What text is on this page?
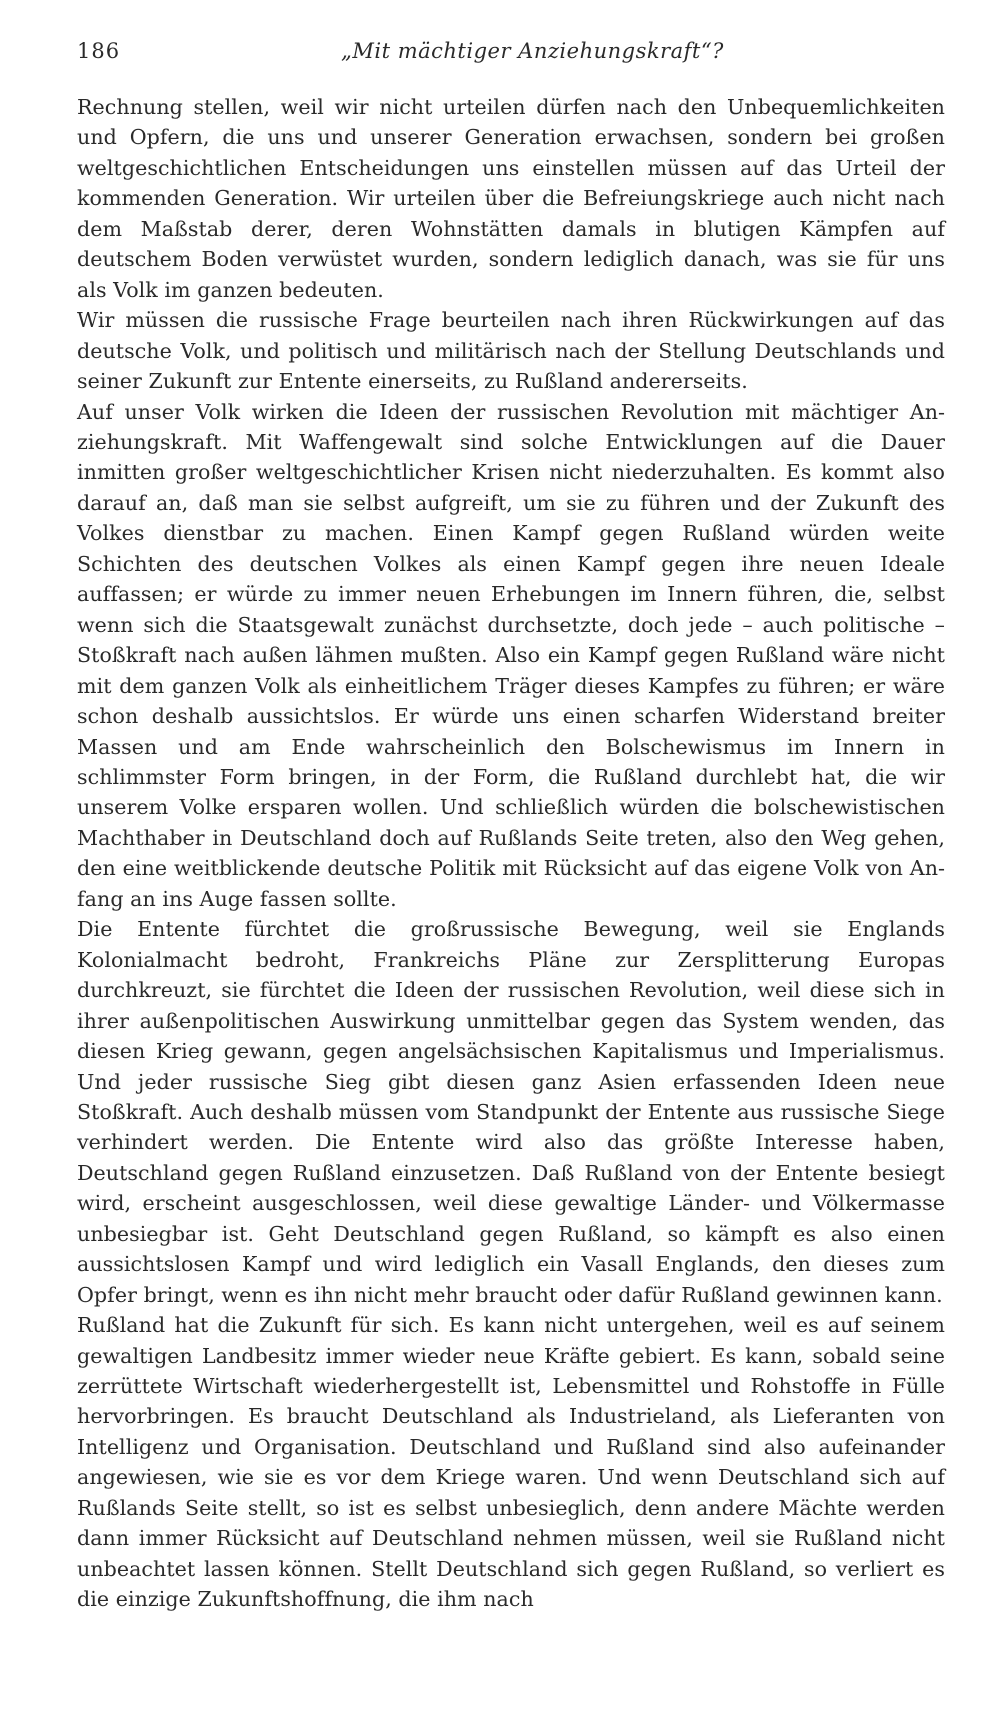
186	„Mit mächtiger Anziehungskraft“?

Rechnung stellen, weil wir nicht urteilen dürfen nach den Unbequemlichkeiten und Opfern, die uns und unserer Generation erwachsen, sondern bei großen weltgeschichtlichen Entscheidungen uns einstellen müssen auf das Urteil der kommenden Generation. Wir urteilen über die Befreiungskriege auch nicht nach dem Maßstab derer, deren Wohnstätten damals in blutigen Kämpfen auf deutschem Boden verwüstet wurden, sondern lediglich danach, was sie für uns als Volk im ganzen bedeuten.

Wir müssen die russische Frage beurteilen nach ihren Rückwirkungen auf das deutsche Volk, und politisch und militärisch nach der Stellung Deutschlands und seiner Zukunft zur Entente einerseits, zu Rußland andererseits.

Auf unser Volk wirken die Ideen der russischen Revolution mit mächtiger Anziehungskraft. Mit Waffengewalt sind solche Entwicklungen auf die Dauer inmitten großer weltgeschichtlicher Krisen nicht niederzuhalten. Es kommt also darauf an, daß man sie selbst aufgreift, um sie zu führen und der Zukunft des Volkes dienstbar zu machen. Einen Kampf gegen Rußland würden weite Schichten des deutschen Volkes als einen Kampf gegen ihre neuen Ideale auffassen; er würde zu immer neuen Erhebungen im Innern führen, die, selbst wenn sich die Staatsgewalt zunächst durchsetzte, doch jede – auch politische – Stoßkraft nach außen lähmen mußten. Also ein Kampf gegen Rußland wäre nicht mit dem ganzen Volk als einheitlichem Träger dieses Kampfes zu führen; er wäre schon deshalb aussichtslos. Er würde uns einen scharfen Widerstand breiter Massen und am Ende wahrscheinlich den Bolschewismus im Innern in schlimmster Form bringen, in der Form, die Rußland durchlebt hat, die wir unserem Volke ersparen wollen. Und schließlich würden die bolschewistischen Machthaber in Deutschland doch auf Rußlands Seite treten, also den Weg gehen, den eine weitblickende deutsche Politik mit Rücksicht auf das eigene Volk von Anfang an ins Auge fassen sollte.

Die Entente fürchtet die großrussische Bewegung, weil sie Englands Kolonialmacht bedroht, Frankreichs Pläne zur Zersplitterung Europas durchkreuzt, sie fürchtet die Ideen der russischen Revolution, weil diese sich in ihrer außenpolitischen Auswirkung unmittelbar gegen das System wenden, das diesen Krieg gewann, gegen angelsächsischen Kapitalismus und Imperialismus. Und jeder russische Sieg gibt diesen ganz Asien erfassenden Ideen neue Stoßkraft. Auch deshalb müssen vom Standpunkt der Entente aus russische Siege verhindert werden. Die Entente wird also das größte Interesse haben, Deutschland gegen Rußland einzusetzen. Daß Rußland von der Entente besiegt wird, erscheint ausgeschlossen, weil diese gewaltige Länder- und Völkermasse unbesiegbar ist. Geht Deutschland gegen Rußland, so kämpft es also einen aussichtslosen Kampf und wird lediglich ein Vasall Englands, den dieses zum Opfer bringt, wenn es ihn nicht mehr braucht oder dafür Rußland gewinnen kann.

Rußland hat die Zukunft für sich. Es kann nicht untergehen, weil es auf seinem gewaltigen Landbesitz immer wieder neue Kräfte gebiert. Es kann, sobald seine zerrüttete Wirtschaft wiederhergestellt ist, Lebensmittel und Rohstoffe in Fülle hervorbringen. Es braucht Deutschland als Industrieland, als Lieferanten von Intelligenz und Organisation. Deutschland und Rußland sind also aufeinander angewiesen, wie sie es vor dem Kriege waren. Und wenn Deutschland sich auf Rußlands Seite stellt, so ist es selbst unbesieglich, denn andere Mächte werden dann immer Rücksicht auf Deutschland nehmen müssen, weil sie Rußland nicht unbeachtet lassen können. Stellt Deutschland sich gegen Rußland, so verliert es die einzige Zukunftshoffnung, die ihm nach
